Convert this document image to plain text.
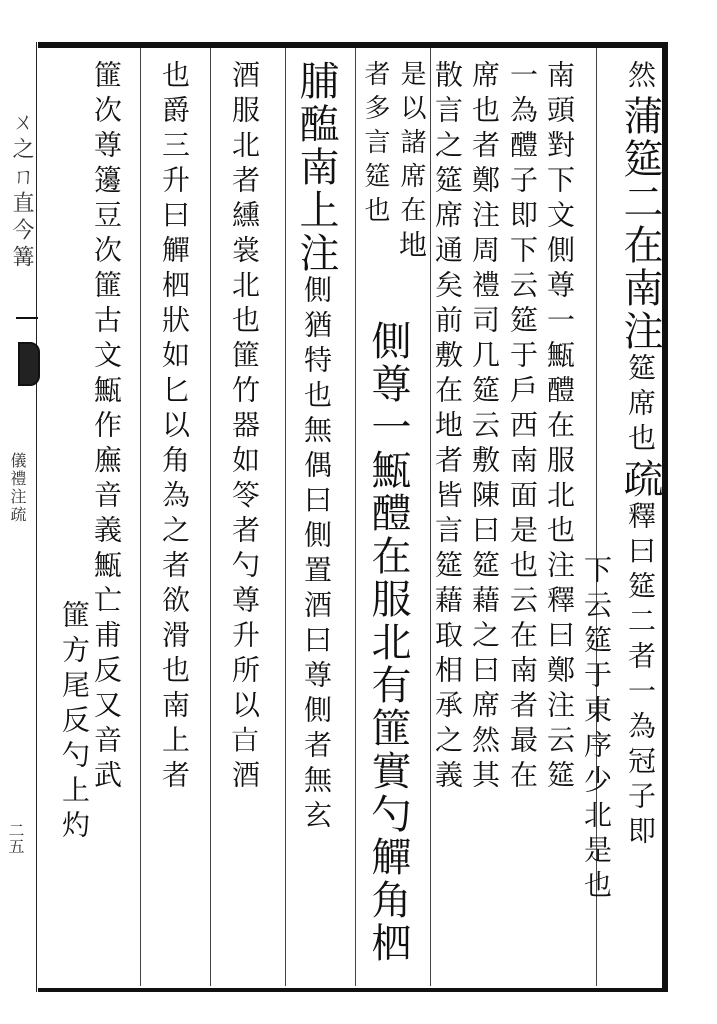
ㄨ之ㄇ直今篝
儀禮注疏
二五
然蒲筵二在南注筵席也疏釋曰筵二者一為冠子即
南頭對下文側尊一甒醴在服北也注釋曰鄭注云筵
一為醴子即下云筵于戶西南面是也云在南者最在 下云筵于東序少北是也
席也者鄭注周禮司几筵云敷陳曰筵藉之曰席然其
散言之筵席通矣前敷在地者皆言筵藉取相承之義
是以諸席在地
者多言筵也
側尊一甒醴在服北有篚實勺觶角柶
脯醢南上注側猶特也無偶曰側置酒曰尊側者無玄
酒服北者纁裳北也篚竹器如笭者勺尊升所以𣅀酒
也爵三升曰觶柶狀如匕以角為之者欲滑也南上者
篚次尊籩豆次篚古文甒作廡音義甒亡甫反又音武
篚方尾反勺上灼
